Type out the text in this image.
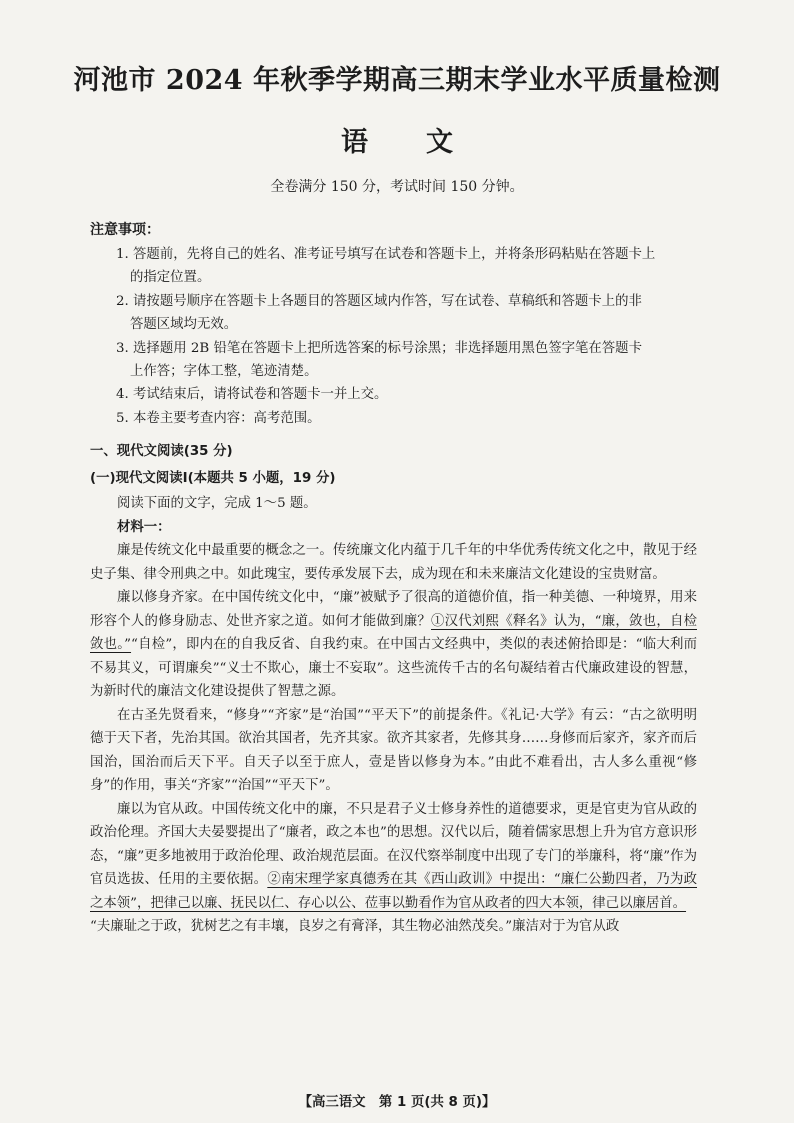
河池市 2024 年秋季学期高三期末学业水平质量检测
语文
全卷满分 150 分，考试时间 150 分钟。
注意事项：
1. 答题前，先将自己的姓名、准考证号填写在试卷和答题卡上，并将条形码粘贴在答题卡上
的指定位置。
2. 请按题号顺序在答题卡上各题目的答题区域内作答，写在试卷、草稿纸和答题卡上的非
答题区域均无效。
3. 选择题用 2B 铅笔在答题卡上把所选答案的标号涂黑；非选择题用黑色签字笔在答题卡
上作答；字体工整，笔迹清楚。
4. 考试结束后，请将试卷和答题卡一并上交。
5. 本卷主要考查内容：高考范围。
一、现代文阅读(35 分)
(一)现代文阅读Ⅰ(本题共 5 小题，19 分)
阅读下面的文字，完成 1～5 题。
材料一：

廉是传统文化中最重要的概念之一。传统廉文化内蕴于几千年的中华优秀传统文化之中，散见于经史子集、律令刑典之中。如此瑰宝，要传承发展下去，成为现在和未来廉洁文化建设的宝贵财富。

廉以修身齐家。在中国传统文化中，“廉”被赋予了很高的道德价值，指一种美德、一种境界，用来形容个人的修身励志、处世齐家之道。如何才能做到廉？①汉代刘熙《释名》认为，“廉，敛也，自检敛也。”“自检”，即内在的自我反省、自我约束。在中国古文经典中，类似的表述俯拾即是：“临大利而不易其义，可谓廉矣”“义士不欺心，廉士不妄取”。这些流传千古的名句凝结着古代廉政建设的智慧，为新时代的廉洁文化建设提供了智慧之源。

在古圣先贤看来，“修身”“齐家”是“治国”“平天下”的前提条件。《礼记·大学》有云：“古之欲明明德于天下者，先治其国。欲治其国者，先齐其家。欲齐其家者，先修其身……身修而后家齐，家齐而后国治，国治而后天下平。自天子以至于庶人，壹是皆以修身为本。”由此不难看出，古人多么重视“修身”的作用，事关“齐家”“治国”“平天下”。

廉以为官从政。中国传统文化中的廉，不只是君子义士修身养性的道德要求，更是官吏为官从政的政治伦理。齐国大夫晏婴提出了“廉者，政之本也”的思想。汉代以后，随着儒家思想上升为官方意识形态，“廉”更多地被用于政治伦理、政治规范层面。在汉代察举制度中出现了专门的举廉科，将“廉”作为官员选拔、任用的主要依据。②南宋理学家真德秀在其《西山政训》中提出：“廉仁公勤四者，乃为政之本领”，把律己以廉、抚民以仁、存心以公、莅事以勤看作为官从政者的四大本领，律己以廉居首。

“夫廉耻之于政，犹树艺之有丰壤，良岁之有膏泽，其生物必油然茂矣。”廉洁对于为官从政

【高三语文　第 1 页(共 8 页)】
